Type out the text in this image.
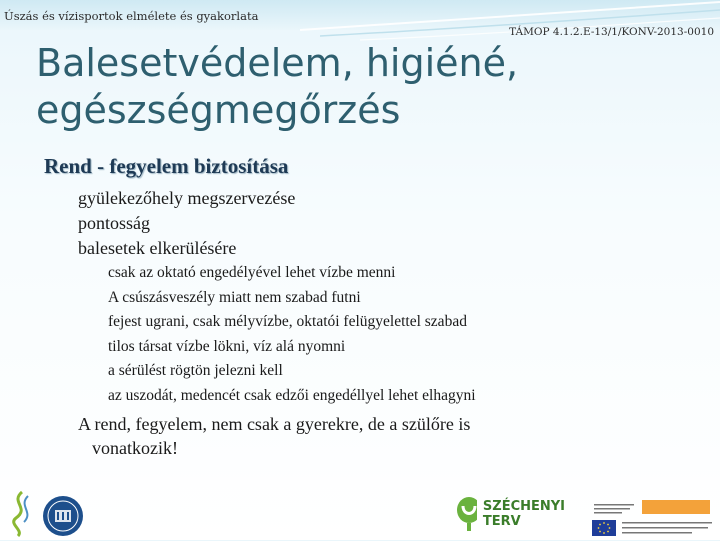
Úszás és vízisportok elmélete és gyakorlata
TÁMOP 4.1.2.E-13/1/KONV-2013-0010
Balesetvédelem, higiéné, egészségmegőrzés
Rend - fegyelem biztosítása
gyülekezőhely megszervezése
pontosság
balesetek elkerülésére
csak az oktató engedélyével lehet vízbe menni
A csúszásveszély miatt nem szabad futni
fejest ugrani, csak mélyvízbe, oktatói felügyelettel szabad
tilos társat vízbe lökni, víz alá nyomni
a sérülést rögtön jelezni kell
az uszodát, medencét csak edzői engedéllyel lehet elhagyni
A rend, fegyelem, nem csak a gyerekre, de a szülőre is
vonatkozik!
SZÉCHENYI TERV
